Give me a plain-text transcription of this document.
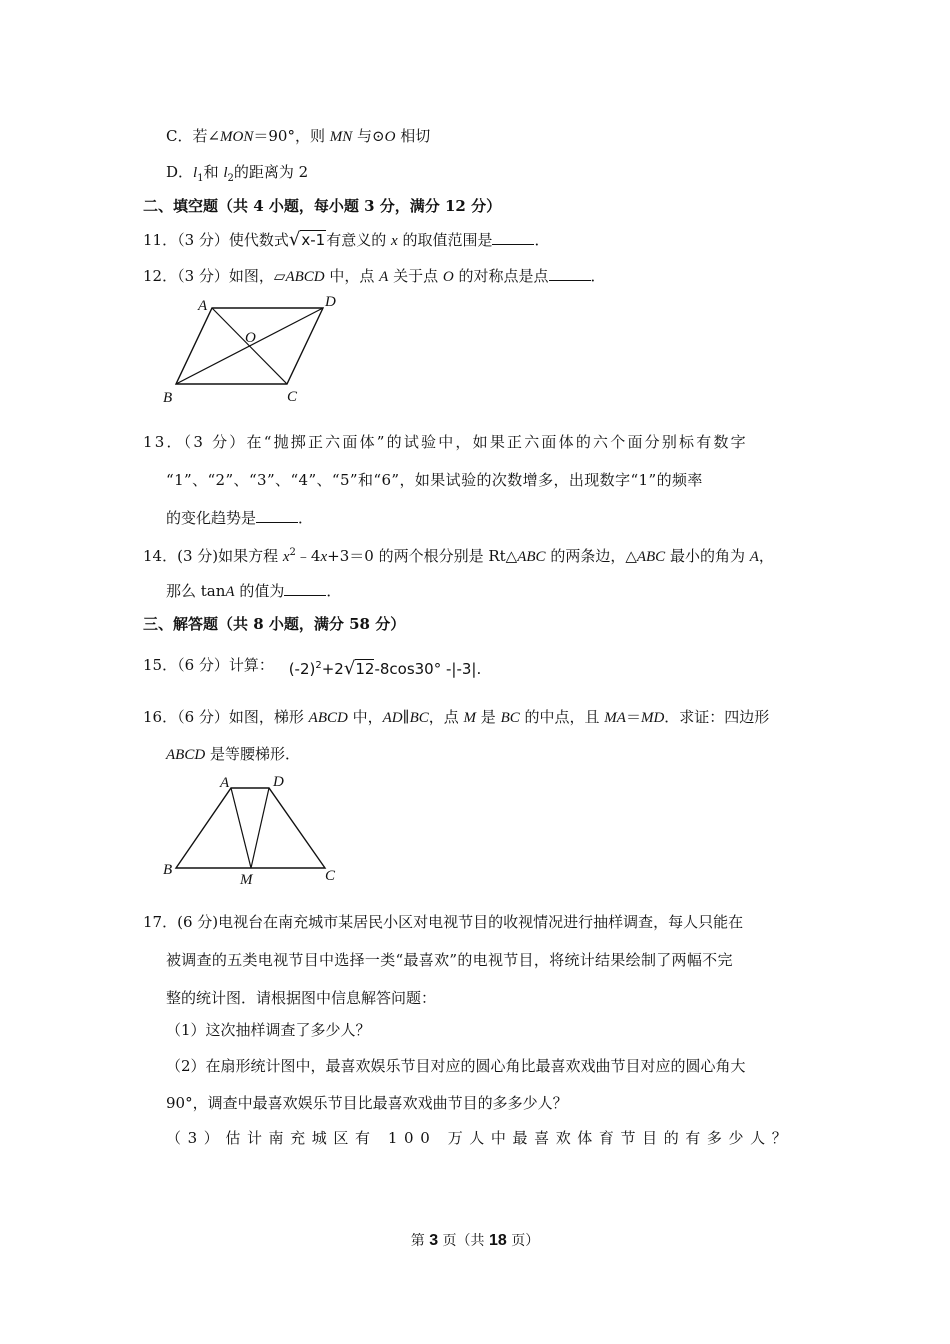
C．若∠MON＝90°，则 MN 与⊙O 相切
D．$l_1$和 $l_2$的距离为 2
二、填空题（共 4 小题，每小题 3 分，满分 12 分）
11．（3 分）使代数式√x-1有意义的 x 的取值范围是	．
12．（3 分）如图，▱ABCD 中，点 A 关于点 O 的对称点是点	．
A	D
O
B	C
13．（3 分）在“抛掷正六面体”的试验中，如果正六面体的六个面分别标有数字
“1”、“2”、“3”、“4”、“5”和“6”，如果试验的次数增多，出现数字“1”的频率
的变化趋势是	．
14．(3 分)如果方程 $x^2﹣4x+3=0$ 的两个根分别是 Rt△ABC 的两条边，△ABC 最小的角为 A，
那么 tanA 的值为	．
三、解答题（共 8 小题，满分 58 分）
15．（6 分）计算： $(-2)^2+2√12-8\cos 30^\circ$ -|-3|.
16．（6 分）如图，梯形 ABCD 中，AD∥BC，点 M 是 BC 的中点，且 MA＝MD．求证：四边形
ABCD 是等腰梯形．
A	D
B
M	C
17．(6 分)电视台在南充城市某居民小区对电视节目的收视情况进行抽样调查，每人只能在
被调查的五类电视节目中选择一类“最喜欢”的电视节目，将统计结果绘制了两幅不完
整的统计图．请根据图中信息解答问题：
（1）这次抽样调查了多少人？
（2）在扇形统计图中，最喜欢娱乐节目对应的圆心角比最喜欢戏曲节目对应的圆心角大
90°，调查中最喜欢娱乐节目比最喜欢戏曲节目的多多少人？
（3）估计南充城区有 100 万人中最喜欢体育节目的有多少人？
第 3 页（共 18 页）
